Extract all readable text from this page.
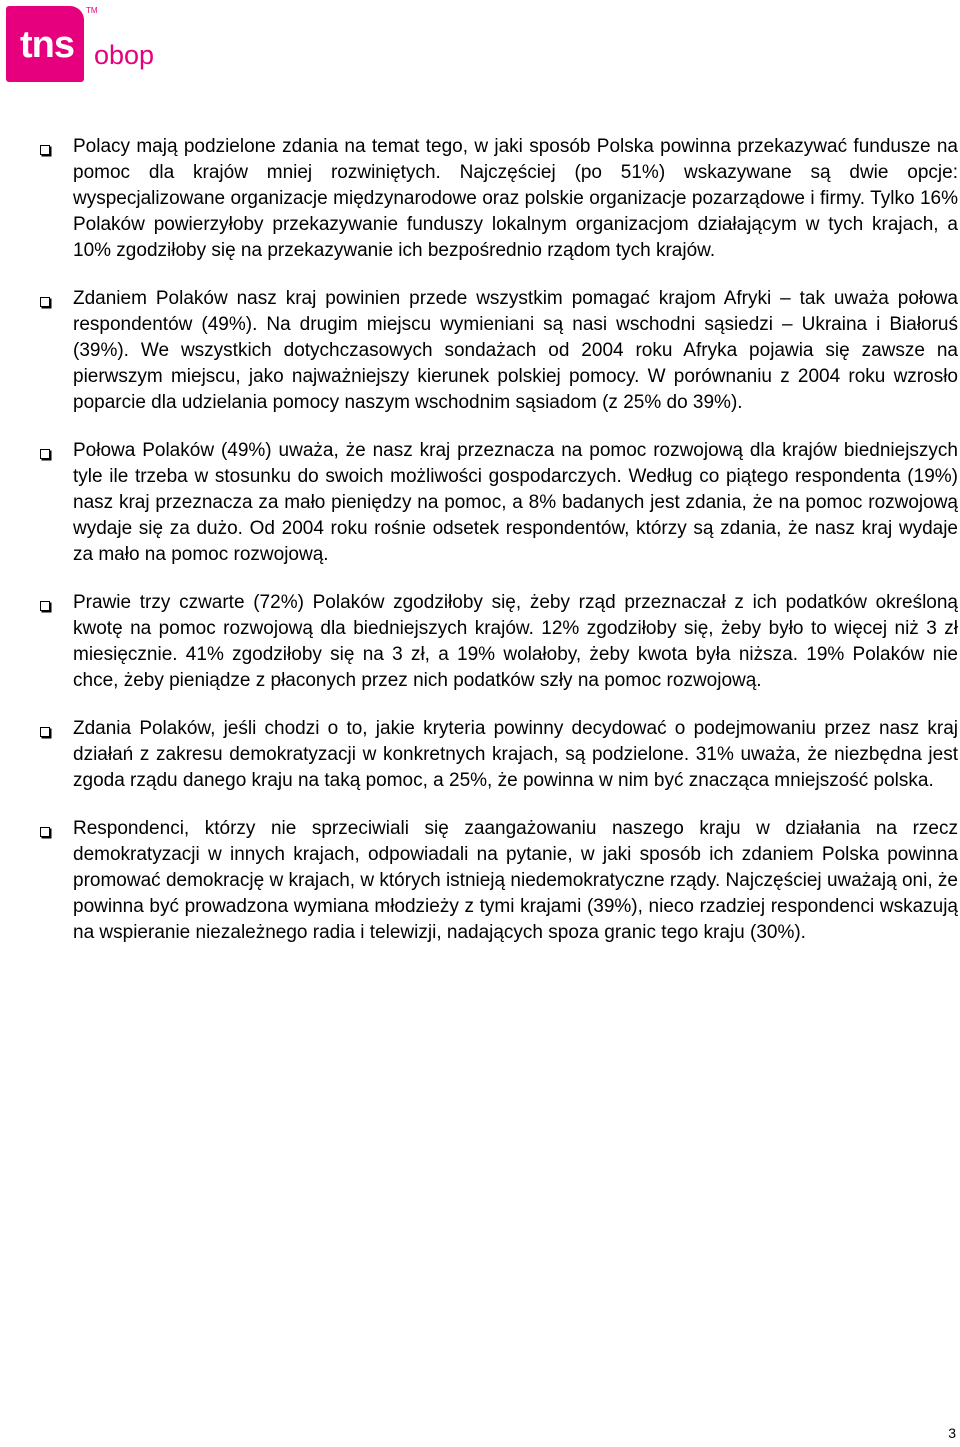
tns
TM
obop

Polacy mają podzielone zdania na temat tego, w jaki sposób Polska powinna przekazywać fundusze na pomoc dla krajów mniej rozwiniętych. Najczęściej (po 51%) wskazywane są dwie opcje: wyspecjalizowane organizacje międzynarodowe oraz polskie organizacje pozarządowe i firmy. Tylko 16% Polaków powierzyłoby przekazywanie funduszy lokalnym organizacjom działającym w tych krajach, a 10% zgodziłoby się na przekazywanie ich bezpośrednio rządom tych krajów.

Zdaniem Polaków nasz kraj powinien przede wszystkim pomagać krajom Afryki – tak uważa połowa respondentów (49%). Na drugim miejscu wymieniani są nasi wschodni sąsiedzi – Ukraina i Białoruś (39%). We wszystkich dotychczasowych sondażach od 2004 roku Afryka pojawia się zawsze na pierwszym miejscu, jako najważniejszy kierunek polskiej pomocy. W porównaniu z 2004 roku wzrosło poparcie dla udzielania pomocy naszym wschodnim sąsiadom (z 25% do 39%).

Połowa Polaków (49%) uważa, że nasz kraj przeznacza na pomoc rozwojową dla krajów biedniejszych tyle ile trzeba w stosunku do swoich możliwości gospodarczych. Według co piątego respondenta (19%) nasz kraj przeznacza za mało pieniędzy na pomoc, a 8% badanych jest zdania, że na pomoc rozwojową wydaje się za dużo. Od 2004 roku rośnie odsetek respondentów, którzy są zdania, że nasz kraj wydaje za mało na pomoc rozwojową.

Prawie trzy czwarte (72%) Polaków zgodziłoby się, żeby rząd przeznaczał z ich podatków określoną kwotę na pomoc rozwojową dla biedniejszych krajów. 12% zgodziłoby się, żeby było to więcej niż 3 zł miesięcznie. 41% zgodziłoby się na 3 zł, a 19% wolałoby, żeby kwota była niższa. 19% Polaków nie chce, żeby pieniądze z płaconych przez nich podatków szły na pomoc rozwojową.

Zdania Polaków, jeśli chodzi o to, jakie kryteria powinny decydować o podejmowaniu przez nasz kraj działań z zakresu demokratyzacji w konkretnych krajach, są podzielone. 31% uważa, że niezbędna jest zgoda rządu danego kraju na taką pomoc, a 25%, że powinna w nim być znacząca mniejszość polska.

Respondenci, którzy nie sprzeciwiali się zaangażowaniu naszego kraju w działania na rzecz demokratyzacji w innych krajach, odpowiadali na pytanie, w jaki sposób ich zdaniem Polska powinna promować demokrację w krajach, w których istnieją niedemokratyczne rządy. Najczęściej uważają oni, że powinna być prowadzona wymiana młodzieży z tymi krajami (39%), nieco rzadziej respondenci wskazują na wspieranie niezależnego radia i telewizji, nadających spoza granic tego kraju (30%).

3
